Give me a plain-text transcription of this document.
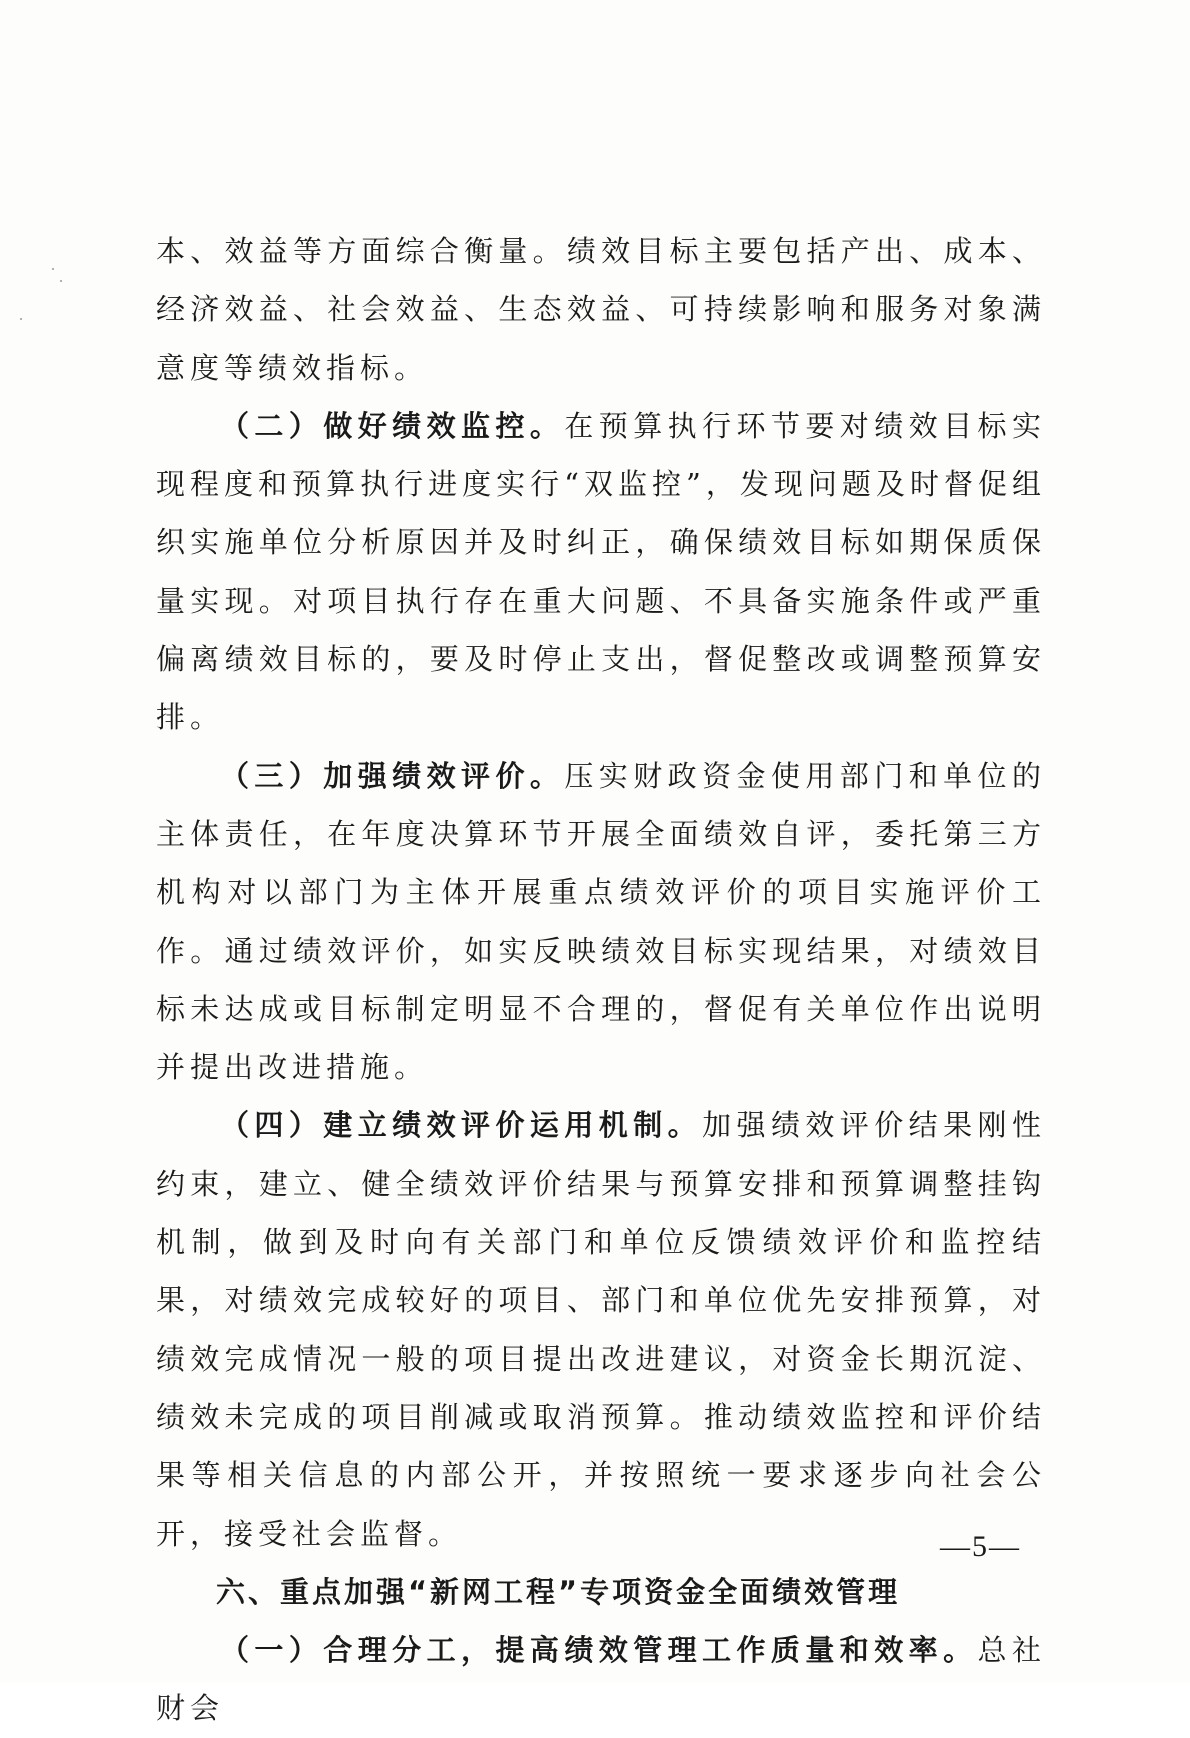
本、效益等方面综合衡量。绩效目标主要包括产出、成本、经济效益、社会效益、生态效益、可持续影响和服务对象满意度等绩效指标。

（二）做好绩效监控。在预算执行环节要对绩效目标实现程度和预算执行进度实行“双监控”，发现问题及时督促组织实施单位分析原因并及时纠正，确保绩效目标如期保质保量实现。对项目执行存在重大问题、不具备实施条件或严重偏离绩效目标的，要及时停止支出，督促整改或调整预算安排。

（三）加强绩效评价。压实财政资金使用部门和单位的主体责任，在年度决算环节开展全面绩效自评，委托第三方机构对以部门为主体开展重点绩效评价的项目实施评价工作。通过绩效评价，如实反映绩效目标实现结果，对绩效目标未达成或目标制定明显不合理的，督促有关单位作出说明并提出改进措施。

（四）建立绩效评价运用机制。加强绩效评价结果刚性约束，建立、健全绩效评价结果与预算安排和预算调整挂钩机制，做到及时向有关部门和单位反馈绩效评价和监控结果，对绩效完成较好的项目、部门和单位优先安排预算，对绩效完成情况一般的项目提出改进建议，对资金长期沉淀、绩效未完成的项目削减或取消预算。推动绩效监控和评价结果等相关信息的内部公开，并按照统一要求逐步向社会公开，接受社会监督。

六、重点加强“新网工程”专项资金全面绩效管理

（一）合理分工，提高绩效管理工作质量和效率。总社财会

—5—
